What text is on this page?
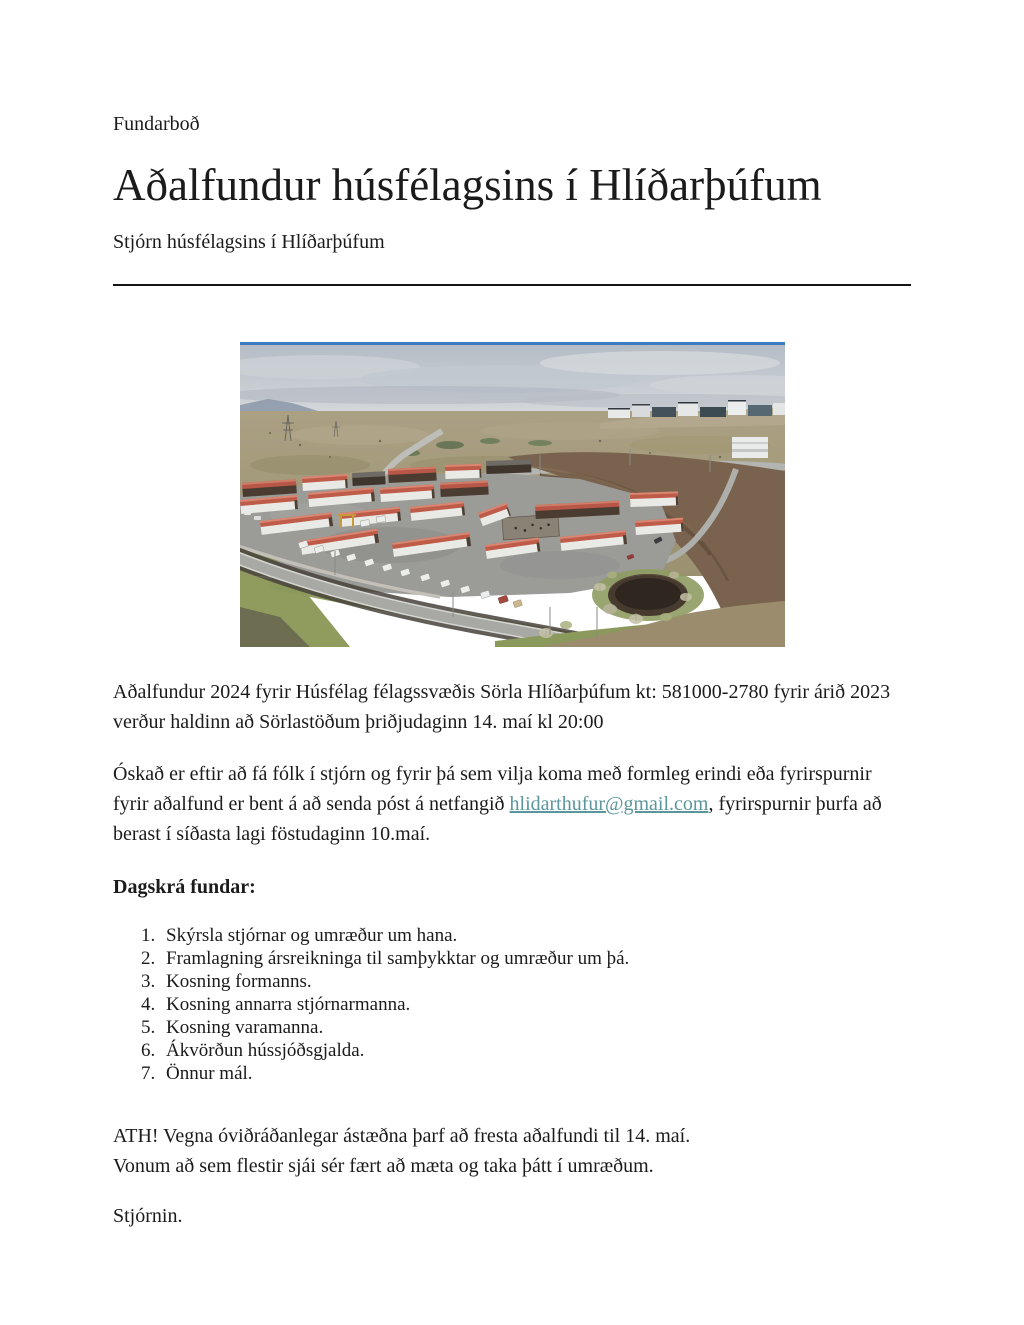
Fundarboð
Aðalfundur húsfélagsins í Hlíðarþúfum
Stjórn húsfélagsins í Hlíðarþúfum
Aðalfundur 2024 fyrir Húsfélag félagssvæðis Sörla Hlíðarþúfum kt: 581000-2780 fyrir árið 2023
verður haldinn að Sörlastöðum þriðjudaginn 14. maí kl 20:00
Óskað er eftir að fá fólk í stjórn og fyrir þá sem vilja koma með formleg erindi eða fyrirspurnir
fyrir aðalfund er bent á að senda póst á netfangið hlidarthufur@gmail.com, fyrirspurnir þurfa að
berast í síðasta lagi föstudaginn 10.maí.
Dagskrá fundar:
1. Skýrsla stjórnar og umræður um hana.
2. Framlagning ársreikninga til samþykktar og umræður um þá.
3. Kosning formanns.
4. Kosning annarra stjórnarmanna.
5. Kosning varamanna.
6. Ákvörðun hússjóðsgjalda.
7. Önnur mál.
ATH! Vegna óviðráðanlegar ástæðna þarf að fresta aðalfundi til 14. maí.
Vonum að sem flestir sjái sér fært að mæta og taka þátt í umræðum.
Stjórnin.
